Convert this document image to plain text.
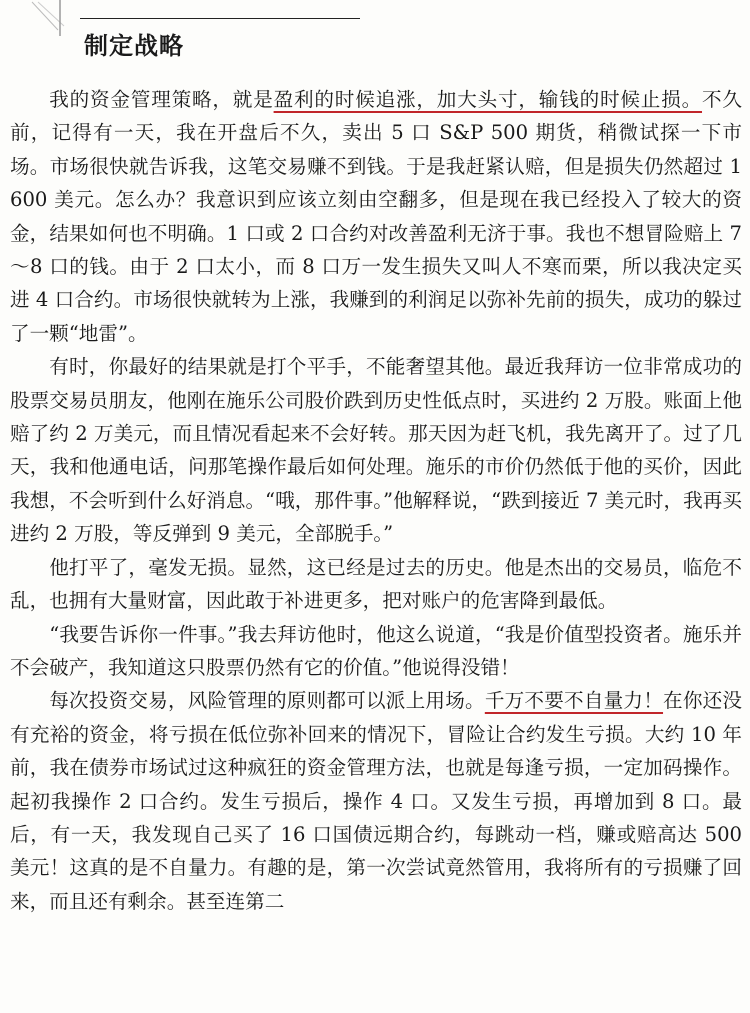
制定战略

我的资金管理策略，就是盈利的时候追涨，加大头寸，输钱的时候止损。不久前，记得有一天，我在开盘后不久，卖出 5 口 S&P 500 期货，稍微试探一下市场。市场很快就告诉我，这笔交易赚不到钱。于是我赶紧认赔，但是损失仍然超过 1 600 美元。怎么办？我意识到应该立刻由空翻多，但是现在我已经投入了较大的资金，结果如何也不明确。1 口或 2 口合约对改善盈利无济于事。我也不想冒险赔上 7～8 口的钱。由于 2 口太小，而 8 口万一发生损失又叫人不寒而栗，所以我决定买进 4 口合约。市场很快就转为上涨，我赚到的利润足以弥补先前的损失，成功的躲过了一颗“地雷”。

有时，你最好的结果就是打个平手，不能奢望其他。最近我拜访一位非常成功的股票交易员朋友，他刚在施乐公司股价跌到历史性低点时，买进约 2 万股。账面上他赔了约 2 万美元，而且情况看起来不会好转。那天因为赶飞机，我先离开了。过了几天，我和他通电话，问那笔操作最后如何处理。施乐的市价仍然低于他的买价，因此我想，不会听到什么好消息。“哦，那件事。”他解释说，“跌到接近 7 美元时，我再买进约 2 万股，等反弹到 9 美元，全部脱手。”

他打平了，毫发无损。显然，这已经是过去的历史。他是杰出的交易员，临危不乱，也拥有大量财富，因此敢于补进更多，把对账户的危害降到最低。

“我要告诉你一件事。”我去拜访他时，他这么说道，“我是价值型投资者。施乐并不会破产，我知道这只股票仍然有它的价值。”他说得没错！

每次投资交易，风险管理的原则都可以派上用场。千万不要不自量力！在你还没有充裕的资金，将亏损在低位弥补回来的情况下，冒险让合约发生亏损。大约 10 年前，我在债券市场试过这种疯狂的资金管理方法，也就是每逢亏损，一定加码操作。起初我操作 2 口合约。发生亏损后，操作 4 口。又发生亏损，再增加到 8 口。最后，有一天，我发现自己买了 16 口国债远期合约，每跳动一档，赚或赔高达 500 美元！这真的是不自量力。有趣的是，第一次尝试竟然管用，我将所有的亏损赚了回来，而且还有剩余。甚至连第二
